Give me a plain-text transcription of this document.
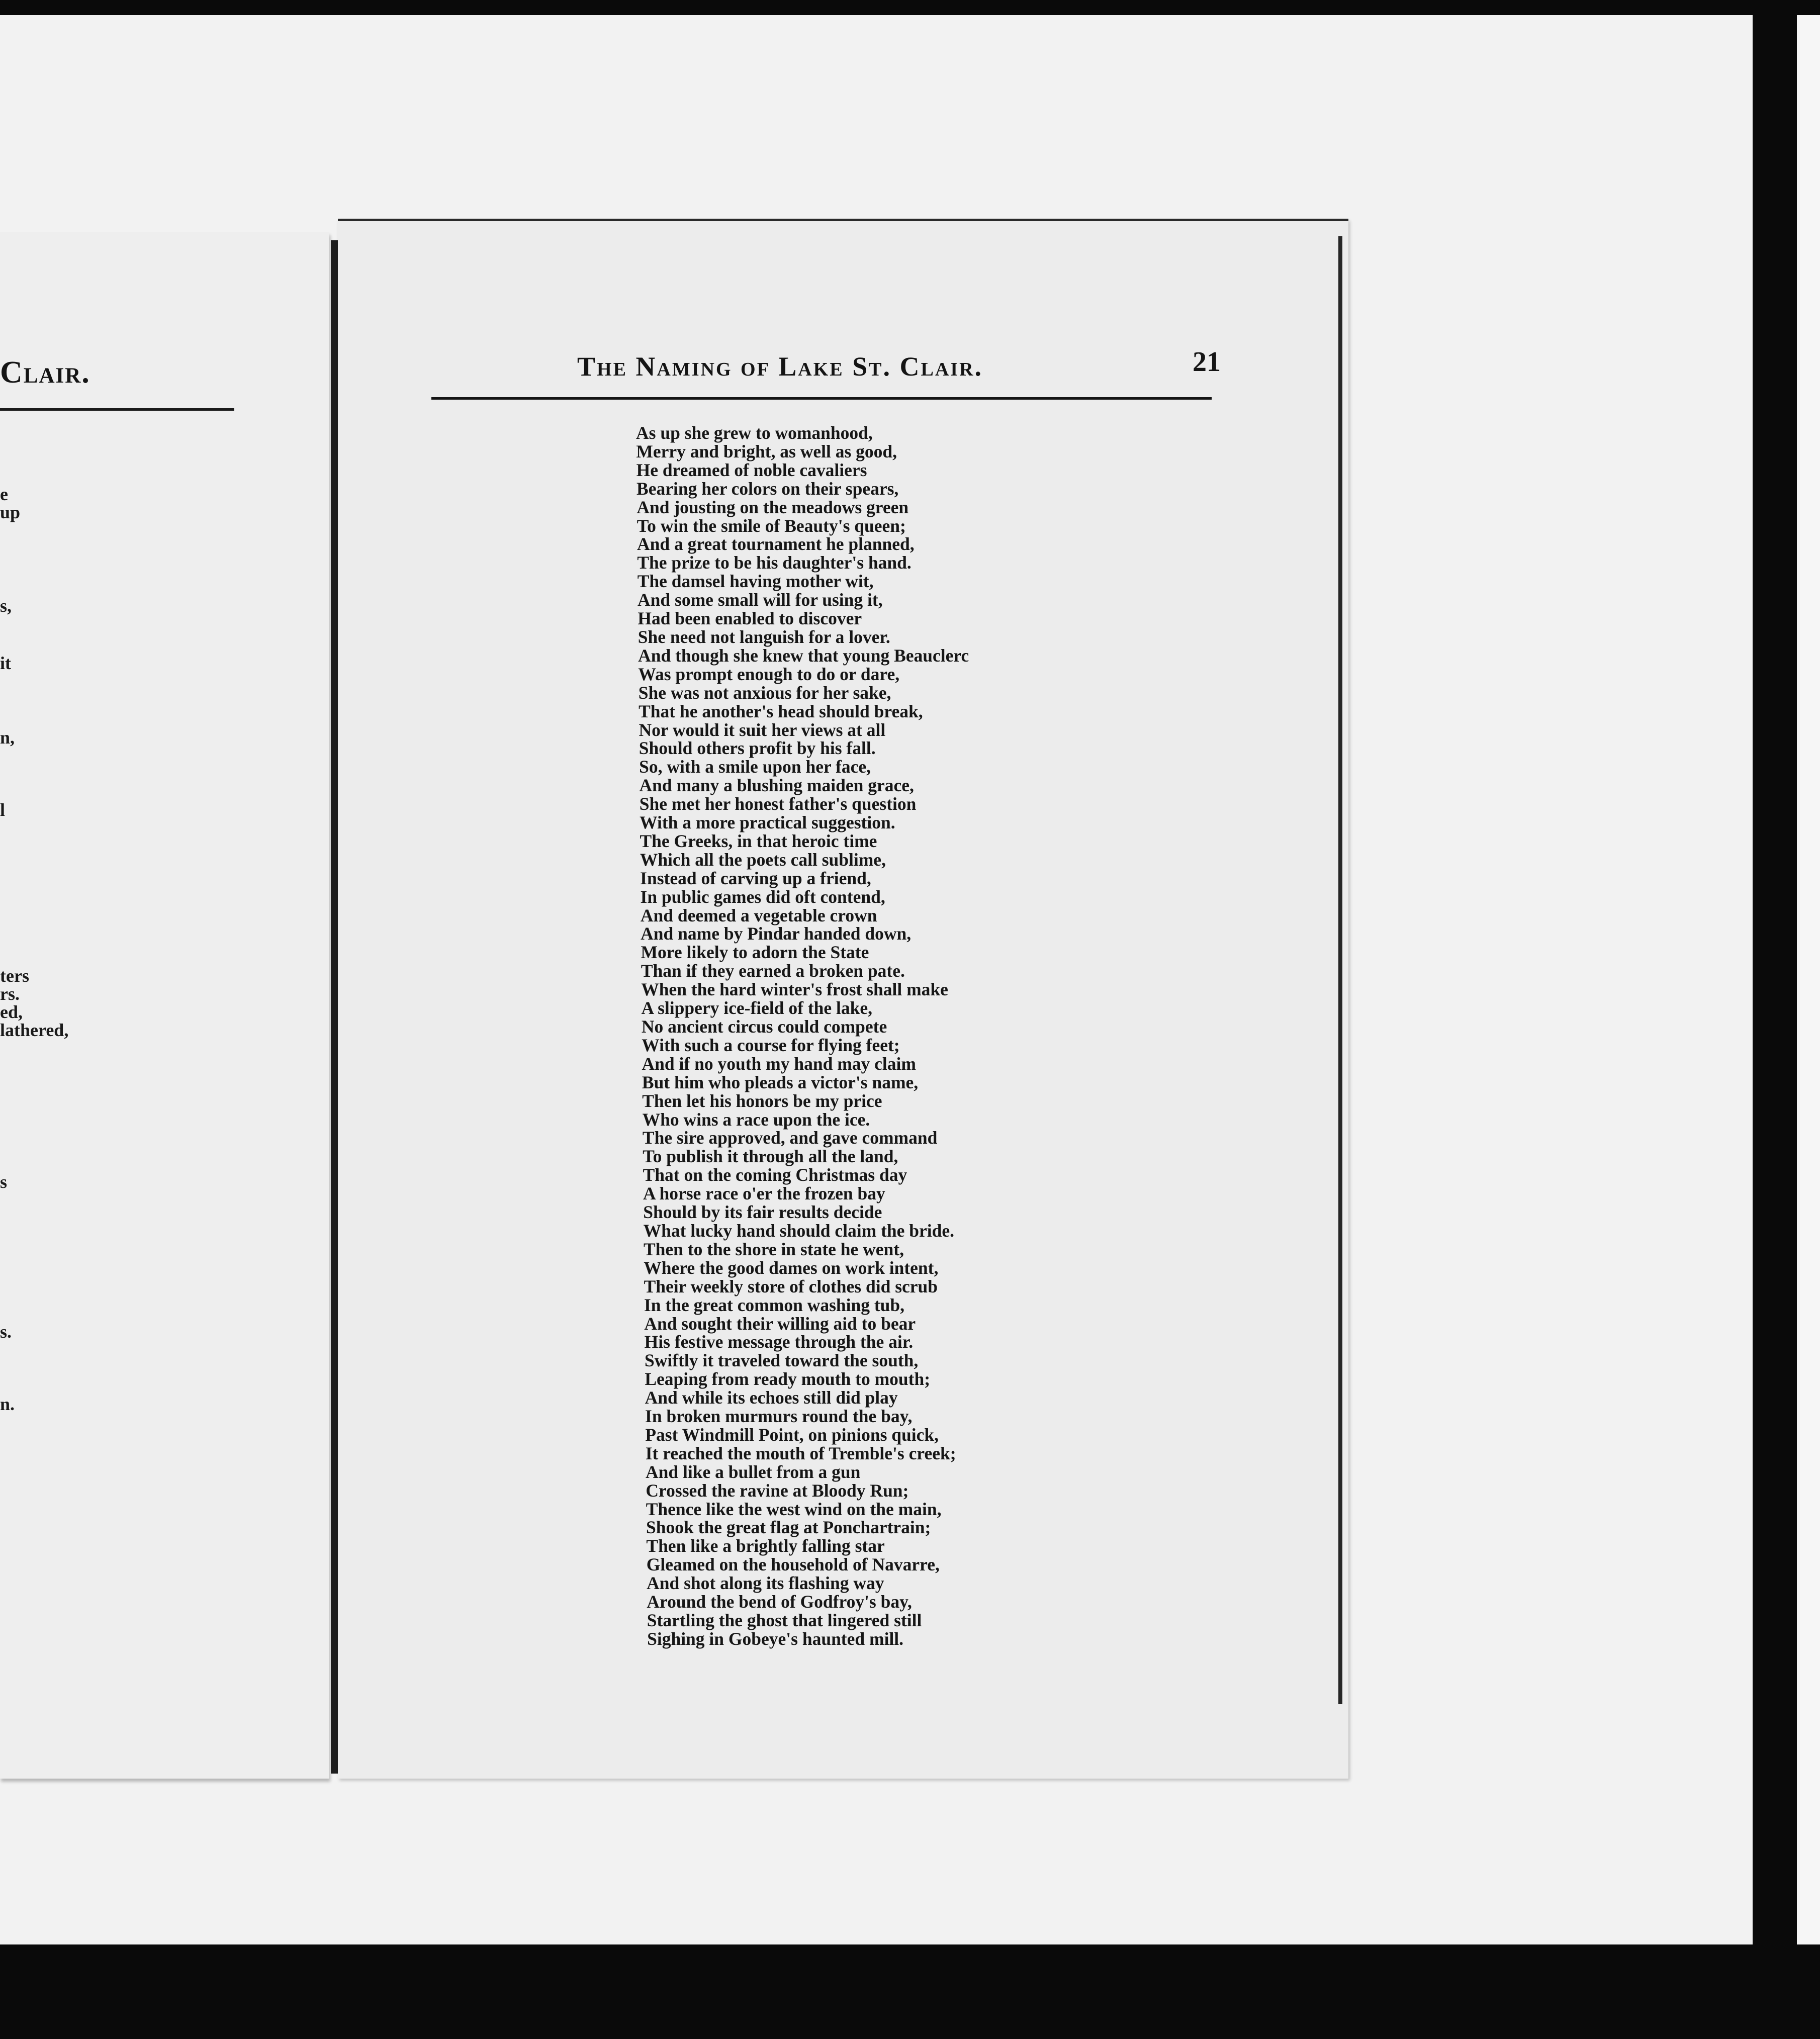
Clair.
e
up
s,
it
n,
l
ters
rs.
ed,
lathered,
s
s.
n.
The Naming of Lake St. Clair.	21
As up she grew to womanhood,
Merry and bright, as well as good,
He dreamed of noble cavaliers
Bearing her colors on their spears,
And jousting on the meadows green
To win the smile of Beauty's queen;
And a great tournament he planned,
The prize to be his daughter's hand.
The damsel having mother wit,
And some small will for using it,
Had been enabled to discover
She need not languish for a lover.
And though she knew that young Beauclerc
Was prompt enough to do or dare,
She was not anxious for her sake,
That he another's head should break,
Nor would it suit her views at all
Should others profit by his fall.
So, with a smile upon her face,
And many a blushing maiden grace,
She met her honest father's question
With a more practical suggestion.
The Greeks, in that heroic time
Which all the poets call sublime,
Instead of carving up a friend,
In public games did oft contend,
And deemed a vegetable crown
And name by Pindar handed down,
More likely to adorn the State
Than if they earned a broken pate.
When the hard winter's frost shall make
A slippery ice-field of the lake,
No ancient circus could compete
With such a course for flying feet;
And if no youth my hand may claim
But him who pleads a victor's name,
Then let his honors be my price
Who wins a race upon the ice.
The sire approved, and gave command
To publish it through all the land,
That on the coming Christmas day
A horse race o'er the frozen bay
Should by its fair results decide
What lucky hand should claim the bride.
Then to the shore in state he went,
Where the good dames on work intent,
Their weekly store of clothes did scrub
In the great common washing tub,
And sought their willing aid to bear
His festive message through the air.
Swiftly it traveled toward the south,
Leaping from ready mouth to mouth;
And while its echoes still did play
In broken murmurs round the bay,
Past Windmill Point, on pinions quick,
It reached the mouth of Tremble's creek;
And like a bullet from a gun
Crossed the ravine at Bloody Run;
Thence like the west wind on the main,
Shook the great flag at Ponchartrain;
Then like a brightly falling star
Gleamed on the household of Navarre,
And shot along its flashing way
Around the bend of Godfroy's bay,
Startling the ghost that lingered still
Sighing in Gobeye's haunted mill.
